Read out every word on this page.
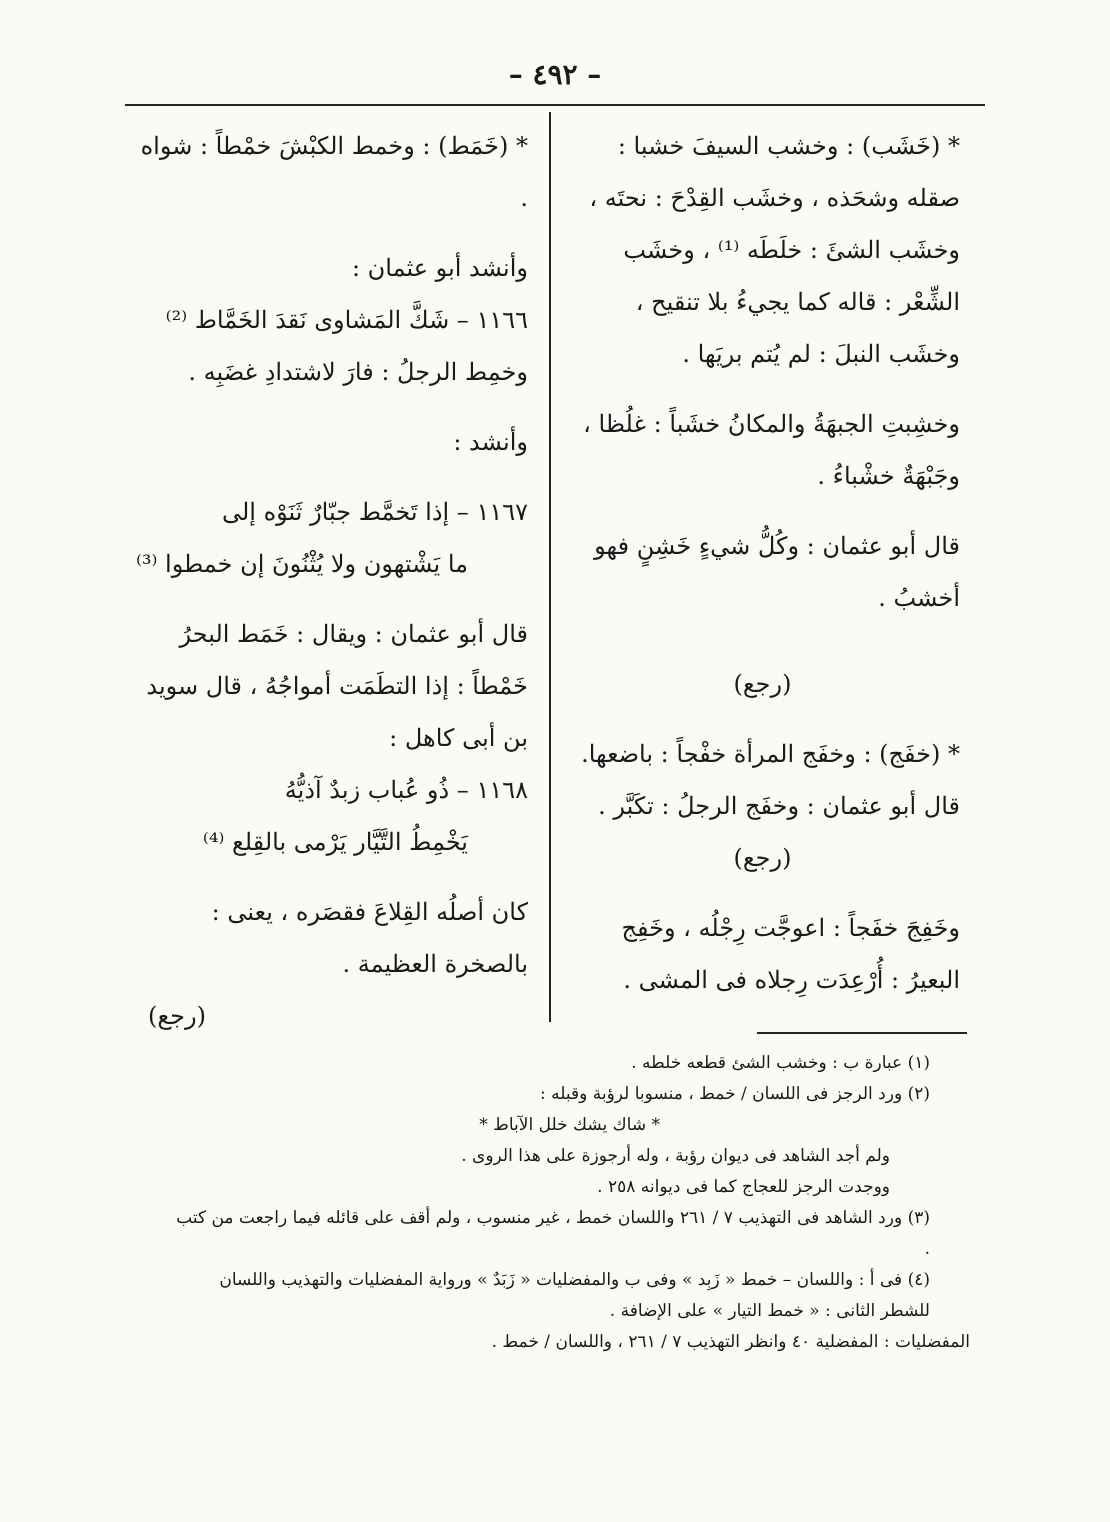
– ٤٩٢ –

* (خَشَب) : وخشب السيفَ خشبا : صقله وشحَذه ، وخشَب القِدْحَ : نحتَه ، وخشَب الشئَ : خلَطَه ⁽¹⁾ ، وخشَب الشِّعْر : قاله كما يجيءُ بلا تنقيح ، وخشَب النبلَ : لم يُتم بريَها .

وخشِبتِ الجبهَةُ والمكانُ خشَباً : غلُظا ، وجَبْهَةٌ خشْباءُ .

قال أبو عثمان : وكُلُّ شيءٍ خَشِنٍ فهو أخشبُ .

(رجع)

* (خفَج) : وخفَج المرأة خفْجاً : باضعها.

قال أبو عثمان : وخفَج الرجلُ : تكَبَّر .

(رجع)

وخَفِجَ خفَجاً : اعوجَّت رِجْلُه ، وخَفِج البعيرُ : أُرْعِدَت رِجلاه فى المشى .

* (خَمَط) : وخمط الكبْشَ خمْطاً : شواه .

وأنشد أبو عثمان :

١١٦٦ – شَكَّ المَشاوى نَقدَ الخَمَّاط ⁽²⁾

وخمِط الرجلُ : فارَ لاشتدادِ غضَبِه .

وأنشد :

١١٦٧ – إذا تَخمَّط جبّارٌ ثَنَوْه إلى

ما يَشْتهون ولا يُثْنُونَ إن خمطوا ⁽³⁾

قال أبو عثمان : ويقال : خَمَط البحرُ خَمْطاً : إذا التطَمَت أمواجُهُ ، قال سويد بن أبى كاهل :

١١٦٨ – ذُو عُباب زبدٌ آذيُّهُ

يَخْمِطُ التَّيَّار يَرْمى بالقِلع ⁽⁴⁾

كان أصلُه القِلاعَ فقصَره ، يعنى : بالصخرة العظيمة .

(رجع)

(١) عبارة ب : وخشب الشئ قطعه خلطه .

(٢) ورد الرجز فى اللسان / خمط ، منسوبا لرؤبة وقبله :

* شاك يشك خلل الآباط *

ولم أجد الشاهد فى ديوان رؤبة ، وله أرجوزة على هذا الروى .

ووجدت الرجز للعجاج كما فى ديوانه ٢٥٨ .

(٣) ورد الشاهد فى التهذيب ٧ / ٢٦١ واللسان خمط ، غير منسوب ، ولم أقف على قائله فيما راجعت من كتب .

(٤) فى أ : واللسان – خمط « زَبِد » وفى ب والمفضليات « زَبَدٌ » ورواية المفضليات والتهذيب واللسان للشطر الثانى : « خمط التيار » على الإضافة .

المفضليات : المفضلية ٤٠ وانظر التهذيب ٧ / ٢٦١ ، واللسان / خمط .
